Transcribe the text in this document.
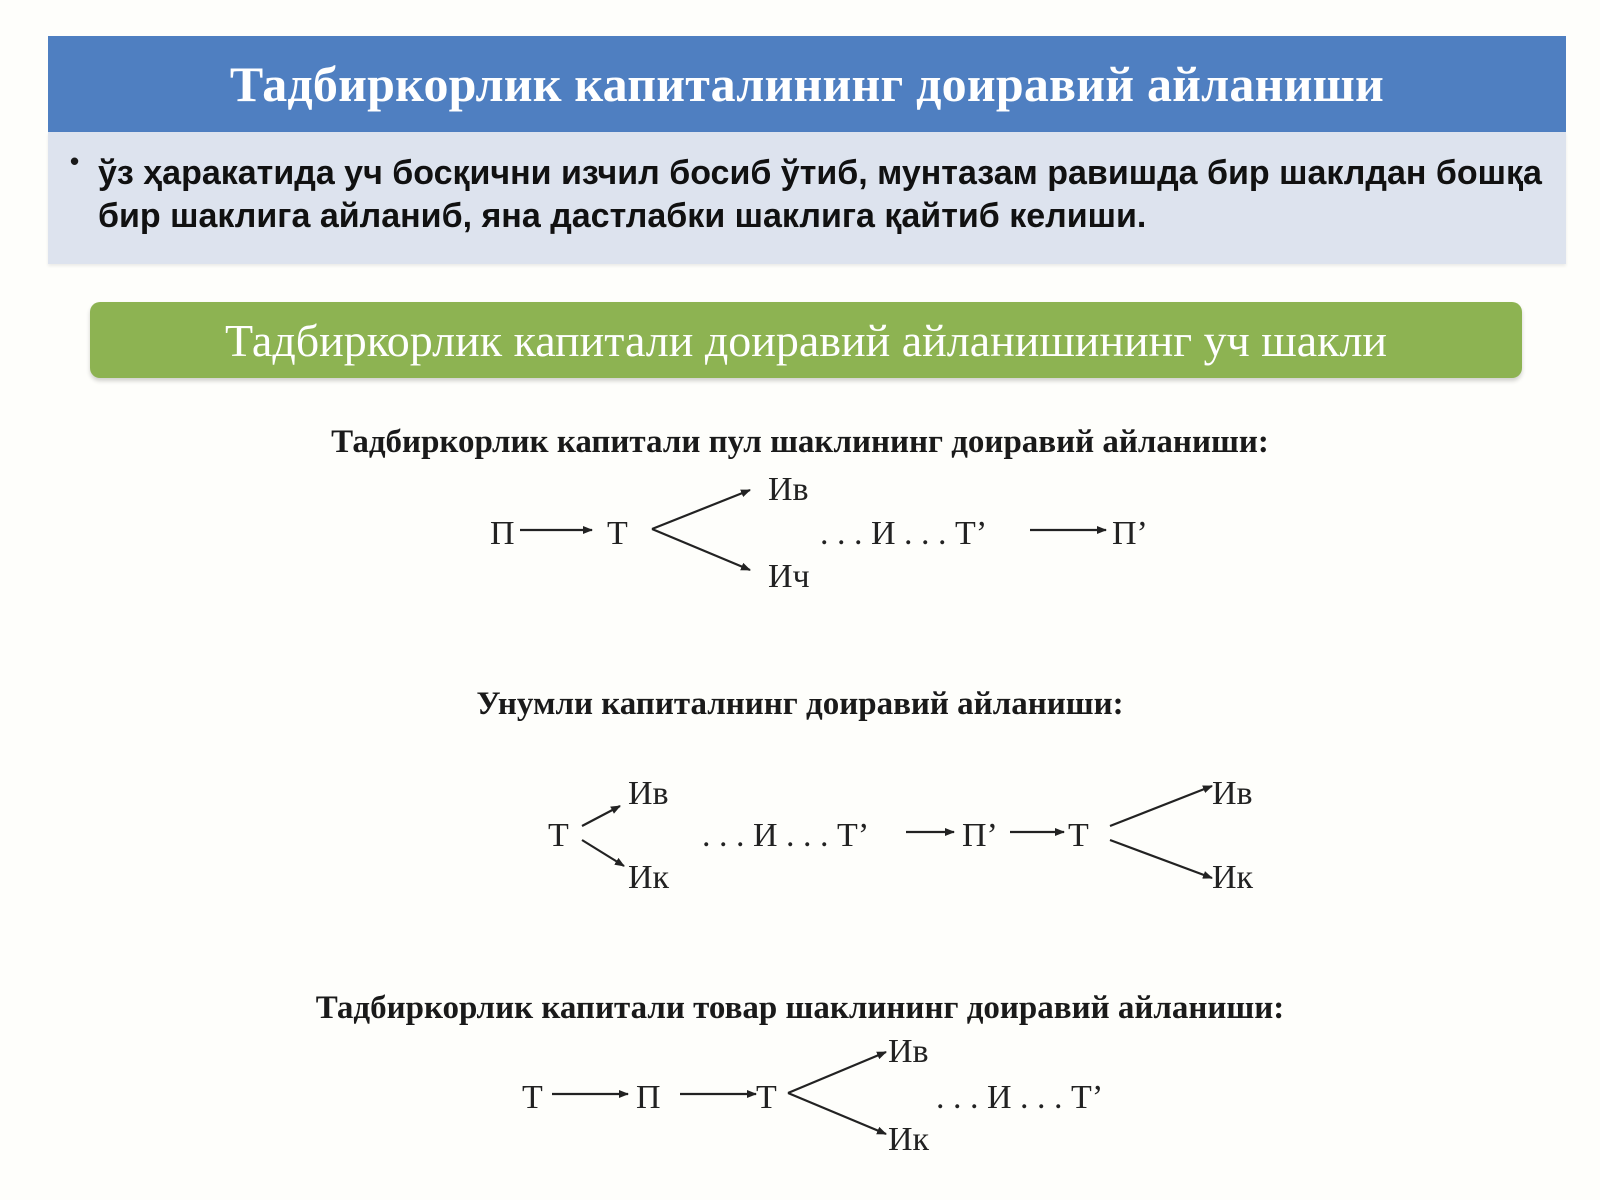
Тадбиркорлик капиталининг доиравий айланиши
• ўз ҳаракатида уч босқични изчил босиб ўтиб, мунтазам равишда бир шаклдан бошқа бир шаклига айланиб, яна дастлабки шаклига қайтиб келиши.
Тадбиркорлик капитали доиравий айланишининг уч шакли
Тадбиркорлик капитали пул шаклининг доиравий айланиши:
Унумли капиталнинг доиравий айланиши:
Тадбиркорлик капитали товар шаклининг доиравий айланиши:
П	Т
Ив
Ич
. . . И . . . Т’	П’
Т
Ив
Ик
. . . И . . . Т’	П’ Т
Ив
Ик
Т	П	Т
Ив
Ик
. . . И . . . Т’
